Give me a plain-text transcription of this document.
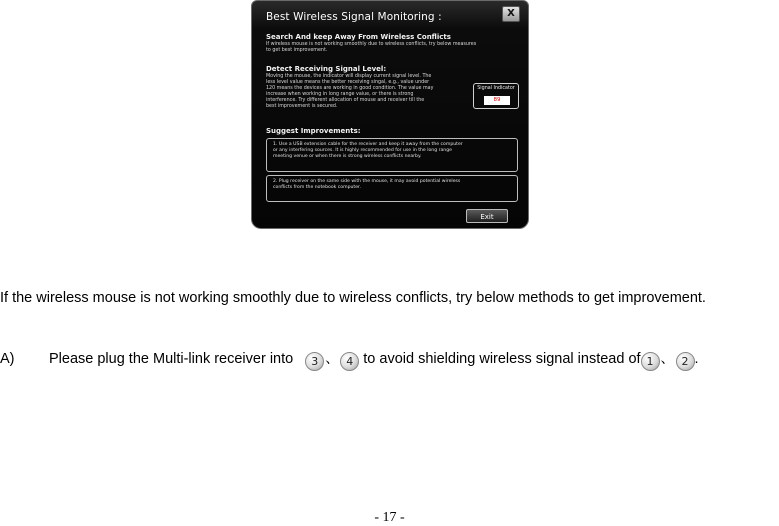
Best Wireless Signal Monitoring :	X
Search And keep Away From Wireless Conflicts
If wireless mouse is not working smoothly due to wireless conflicts, try below measures
to get best improvement.
Detect Receiving Signal Level:
Moving the mouse, the indicator will display current signal level. The
less level value means the better receiving singal, e.g., value under
120 means the devices are working in good condition. The value may
increase when working in long range vaiue, or there is strong
interference. Try different allocation of mouse and receiver till the
best improvement is secured.
Signal Indicator
89
Suggest Improvements:
1. Use a USB extension cable for the receiver and keep it away from the computer
or any interfering sources. It is highly recommended for use in the long range
meeting venue or when there is strong wireless conflicts nearby.
2. Plug receiver on the same side with the mouse, it may avoid potential wireless
conflicts from the notebook computer.
Exit

If the wireless mouse is not working smoothly due to wireless conflicts, try below methods to get improvement.

A) Please plug the Multi-link receiver into 3 、 4 to avoid shielding wireless signal instead of 1 、 2 .
- 17 -
